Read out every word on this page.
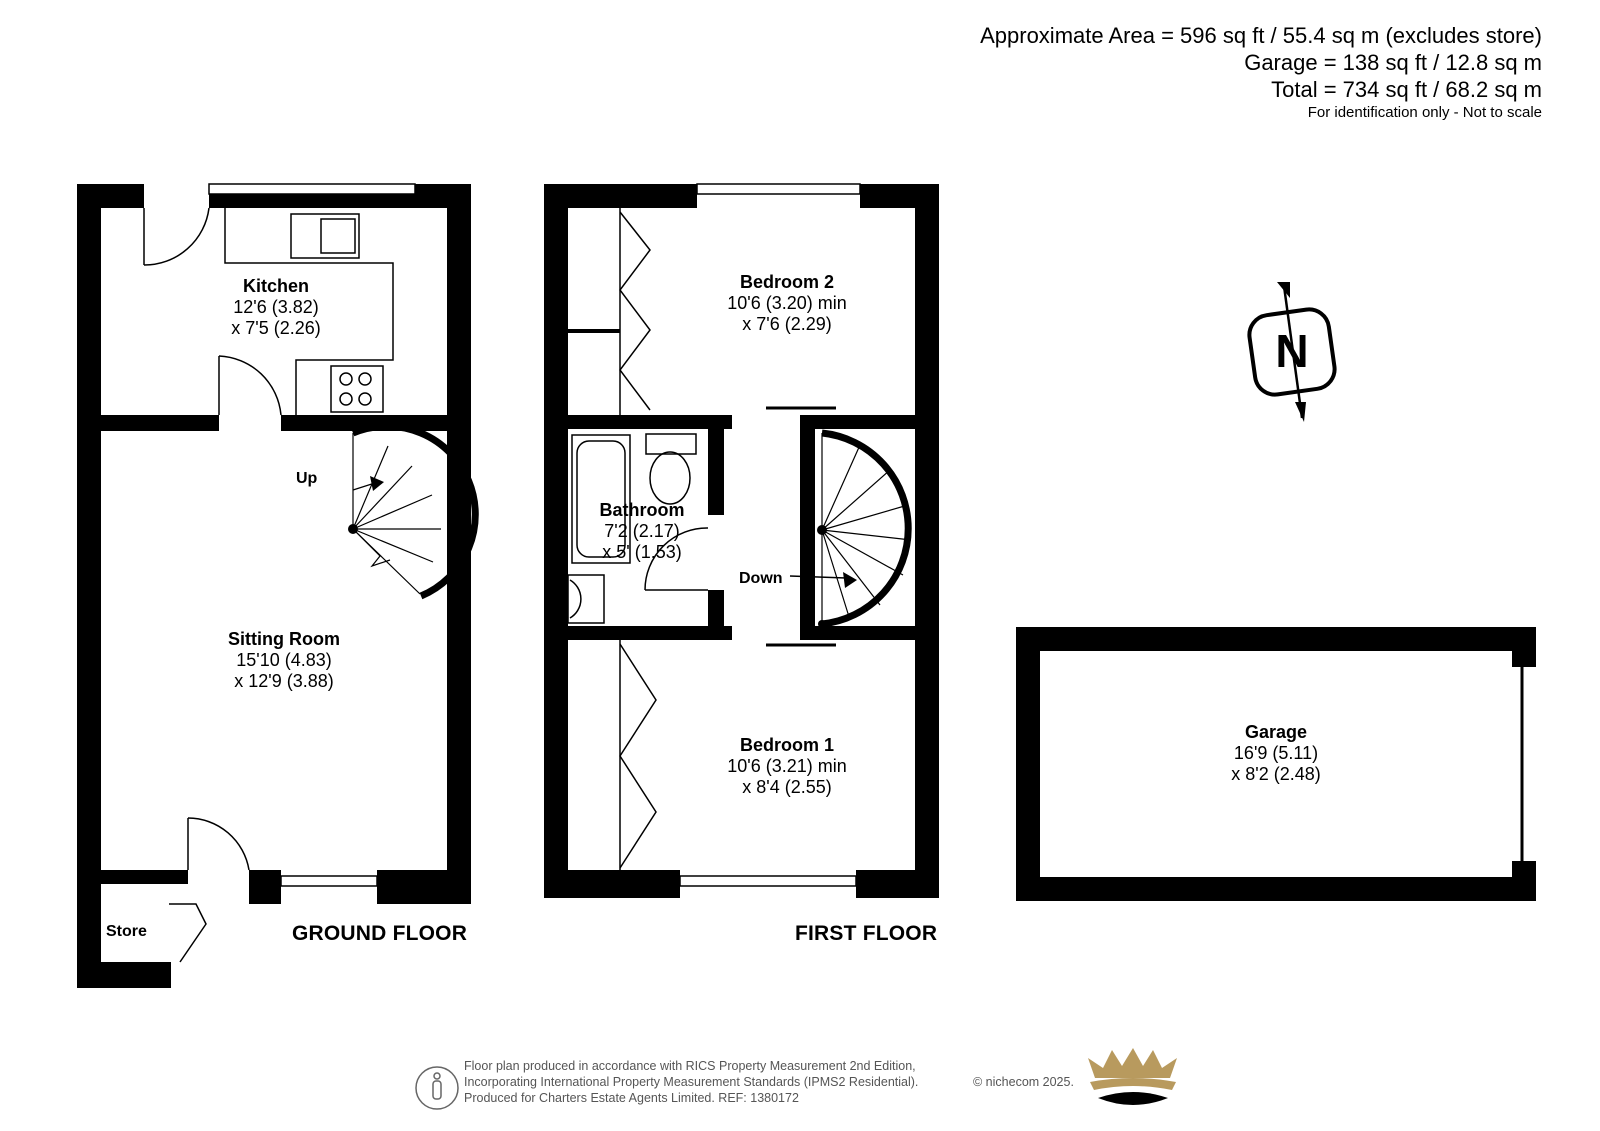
Approximate Area = 596 sq ft / 55.4 sq m (excludes store)
Garage = 138 sq ft / 12.8 sq m
Total = 734 sq ft / 68.2 sq m
For identification only - Not to scale
N
Kitchen
12'6 (3.82)
x 7'5 (2.26)
Sitting Room
15'10 (4.83)
x 12'9 (3.88)
Bedroom 2
10'6 (3.20) min
x 7'6 (2.29)
Bathroom
7'2 (2.17)
x 5' (1.53)
Bedroom 1
10'6 (3.21) min
x 8'4 (2.55)
Garage
16'9 (5.11)
x 8'2 (2.48)
Store
Up
Down
GROUND FLOOR	FIRST FLOOR
Floor plan produced in accordance with RICS Property Measurement 2nd Edition,
Incorporating International Property Measurement Standards (IPMS2 Residential).
Produced for Charters Estate Agents Limited. REF: 1380172
© nichecom 2025.
